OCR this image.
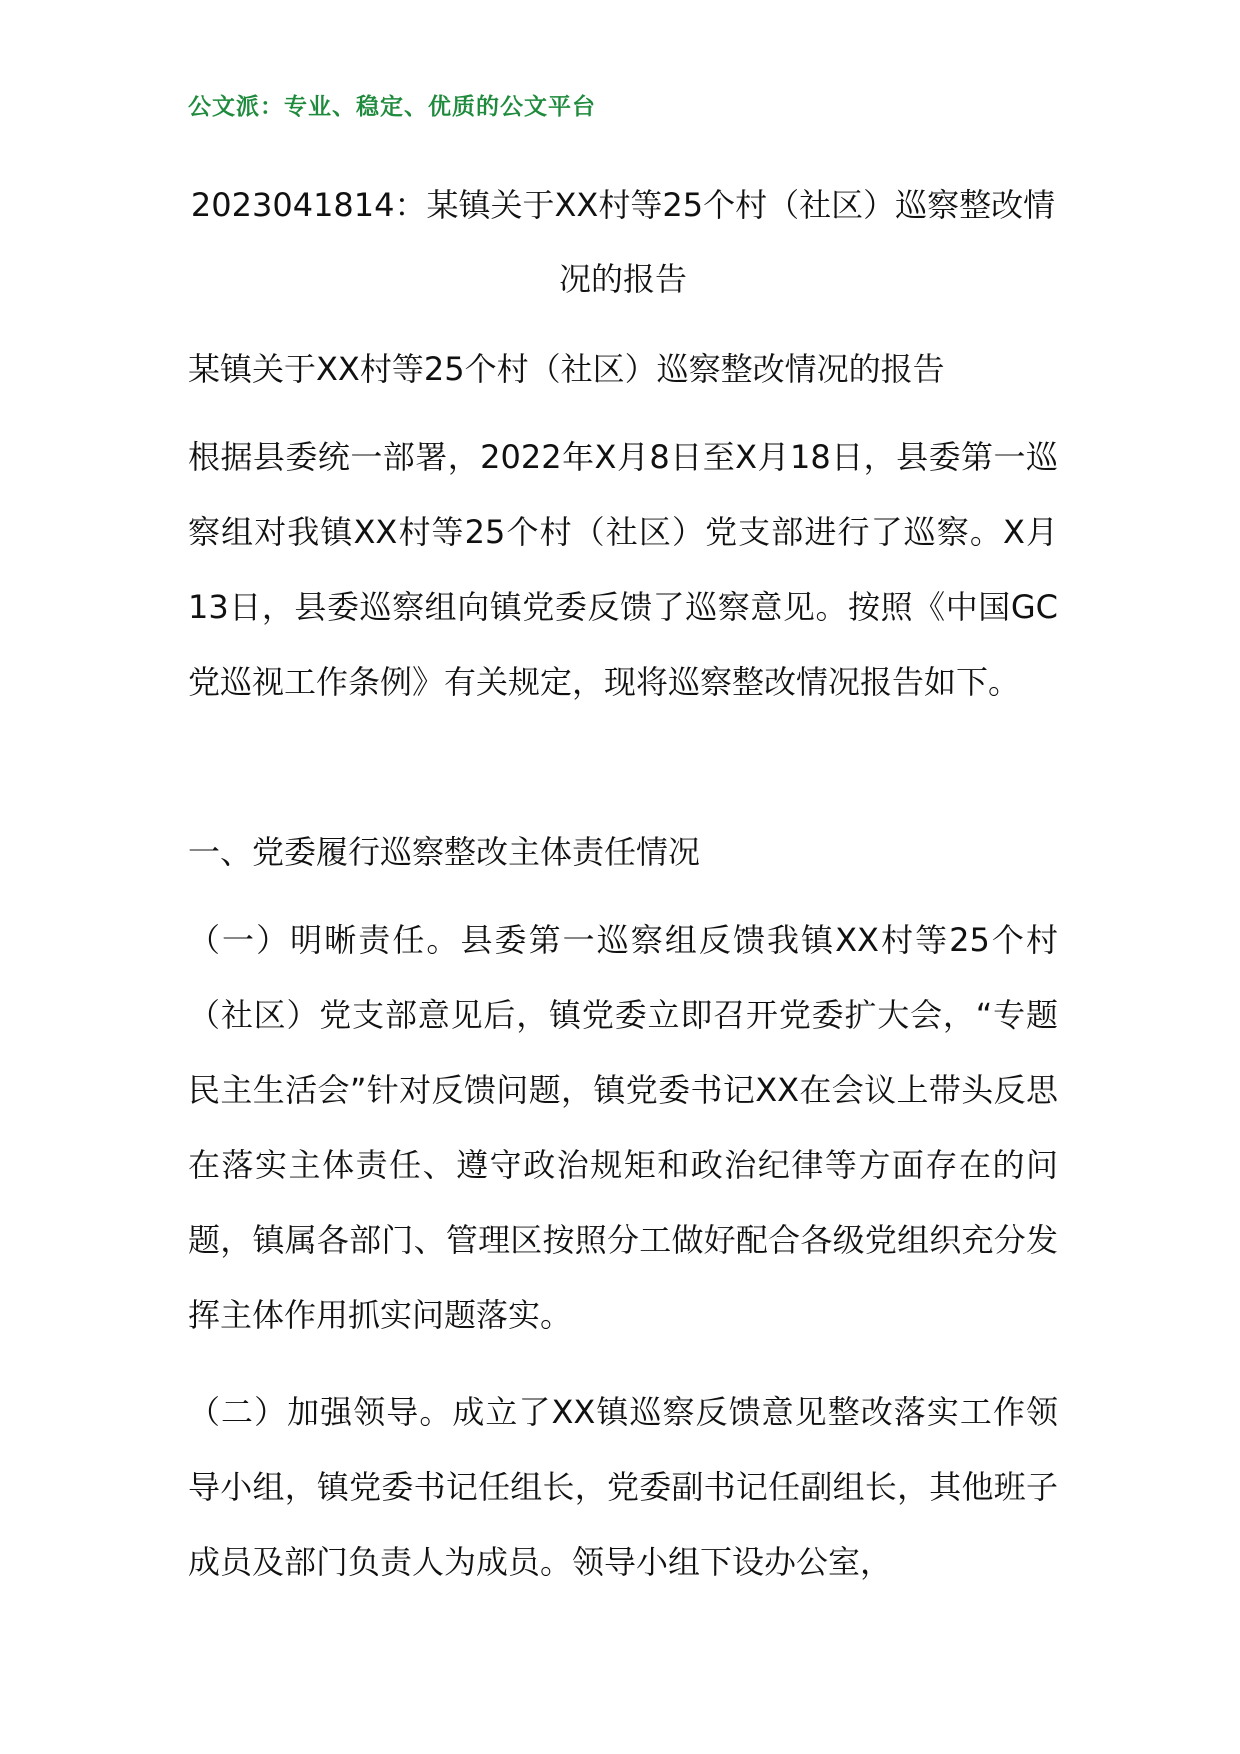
公文派：专业、稳定、优质的公文平台
2023041814：某镇关于XX村等25个村（社区）巡察整改情况的报告
某镇关于XX村等25个村（社区）巡察整改情况的报告
根据县委统一部署，2022年X月8日至X月18日，县委第一巡察组对我镇XX村等25个村（社区）党支部进行了巡察。X月13日，县委巡察组向镇党委反馈了巡察意见。按照《中国GC党巡视工作条例》有关规定，现将巡察整改情况报告如下。
一、党委履行巡察整改主体责任情况
（一）明晰责任。县委第一巡察组反馈我镇XX村等25个村（社区）党支部意见后，镇党委立即召开党委扩大会，“专题民主生活会”针对反馈问题，镇党委书记XX在会议上带头反思在落实主体责任、遵守政治规矩和政治纪律等方面存在的问题，镇属各部门、管理区按照分工做好配合各级党组织充分发挥主体作用抓实问题落实。
（二）加强领导。成立了XX镇巡察反馈意见整改落实工作领导小组，镇党委书记任组长，党委副书记任副组长，其他班子成员及部门负责人为成员。领导小组下设办公室，
